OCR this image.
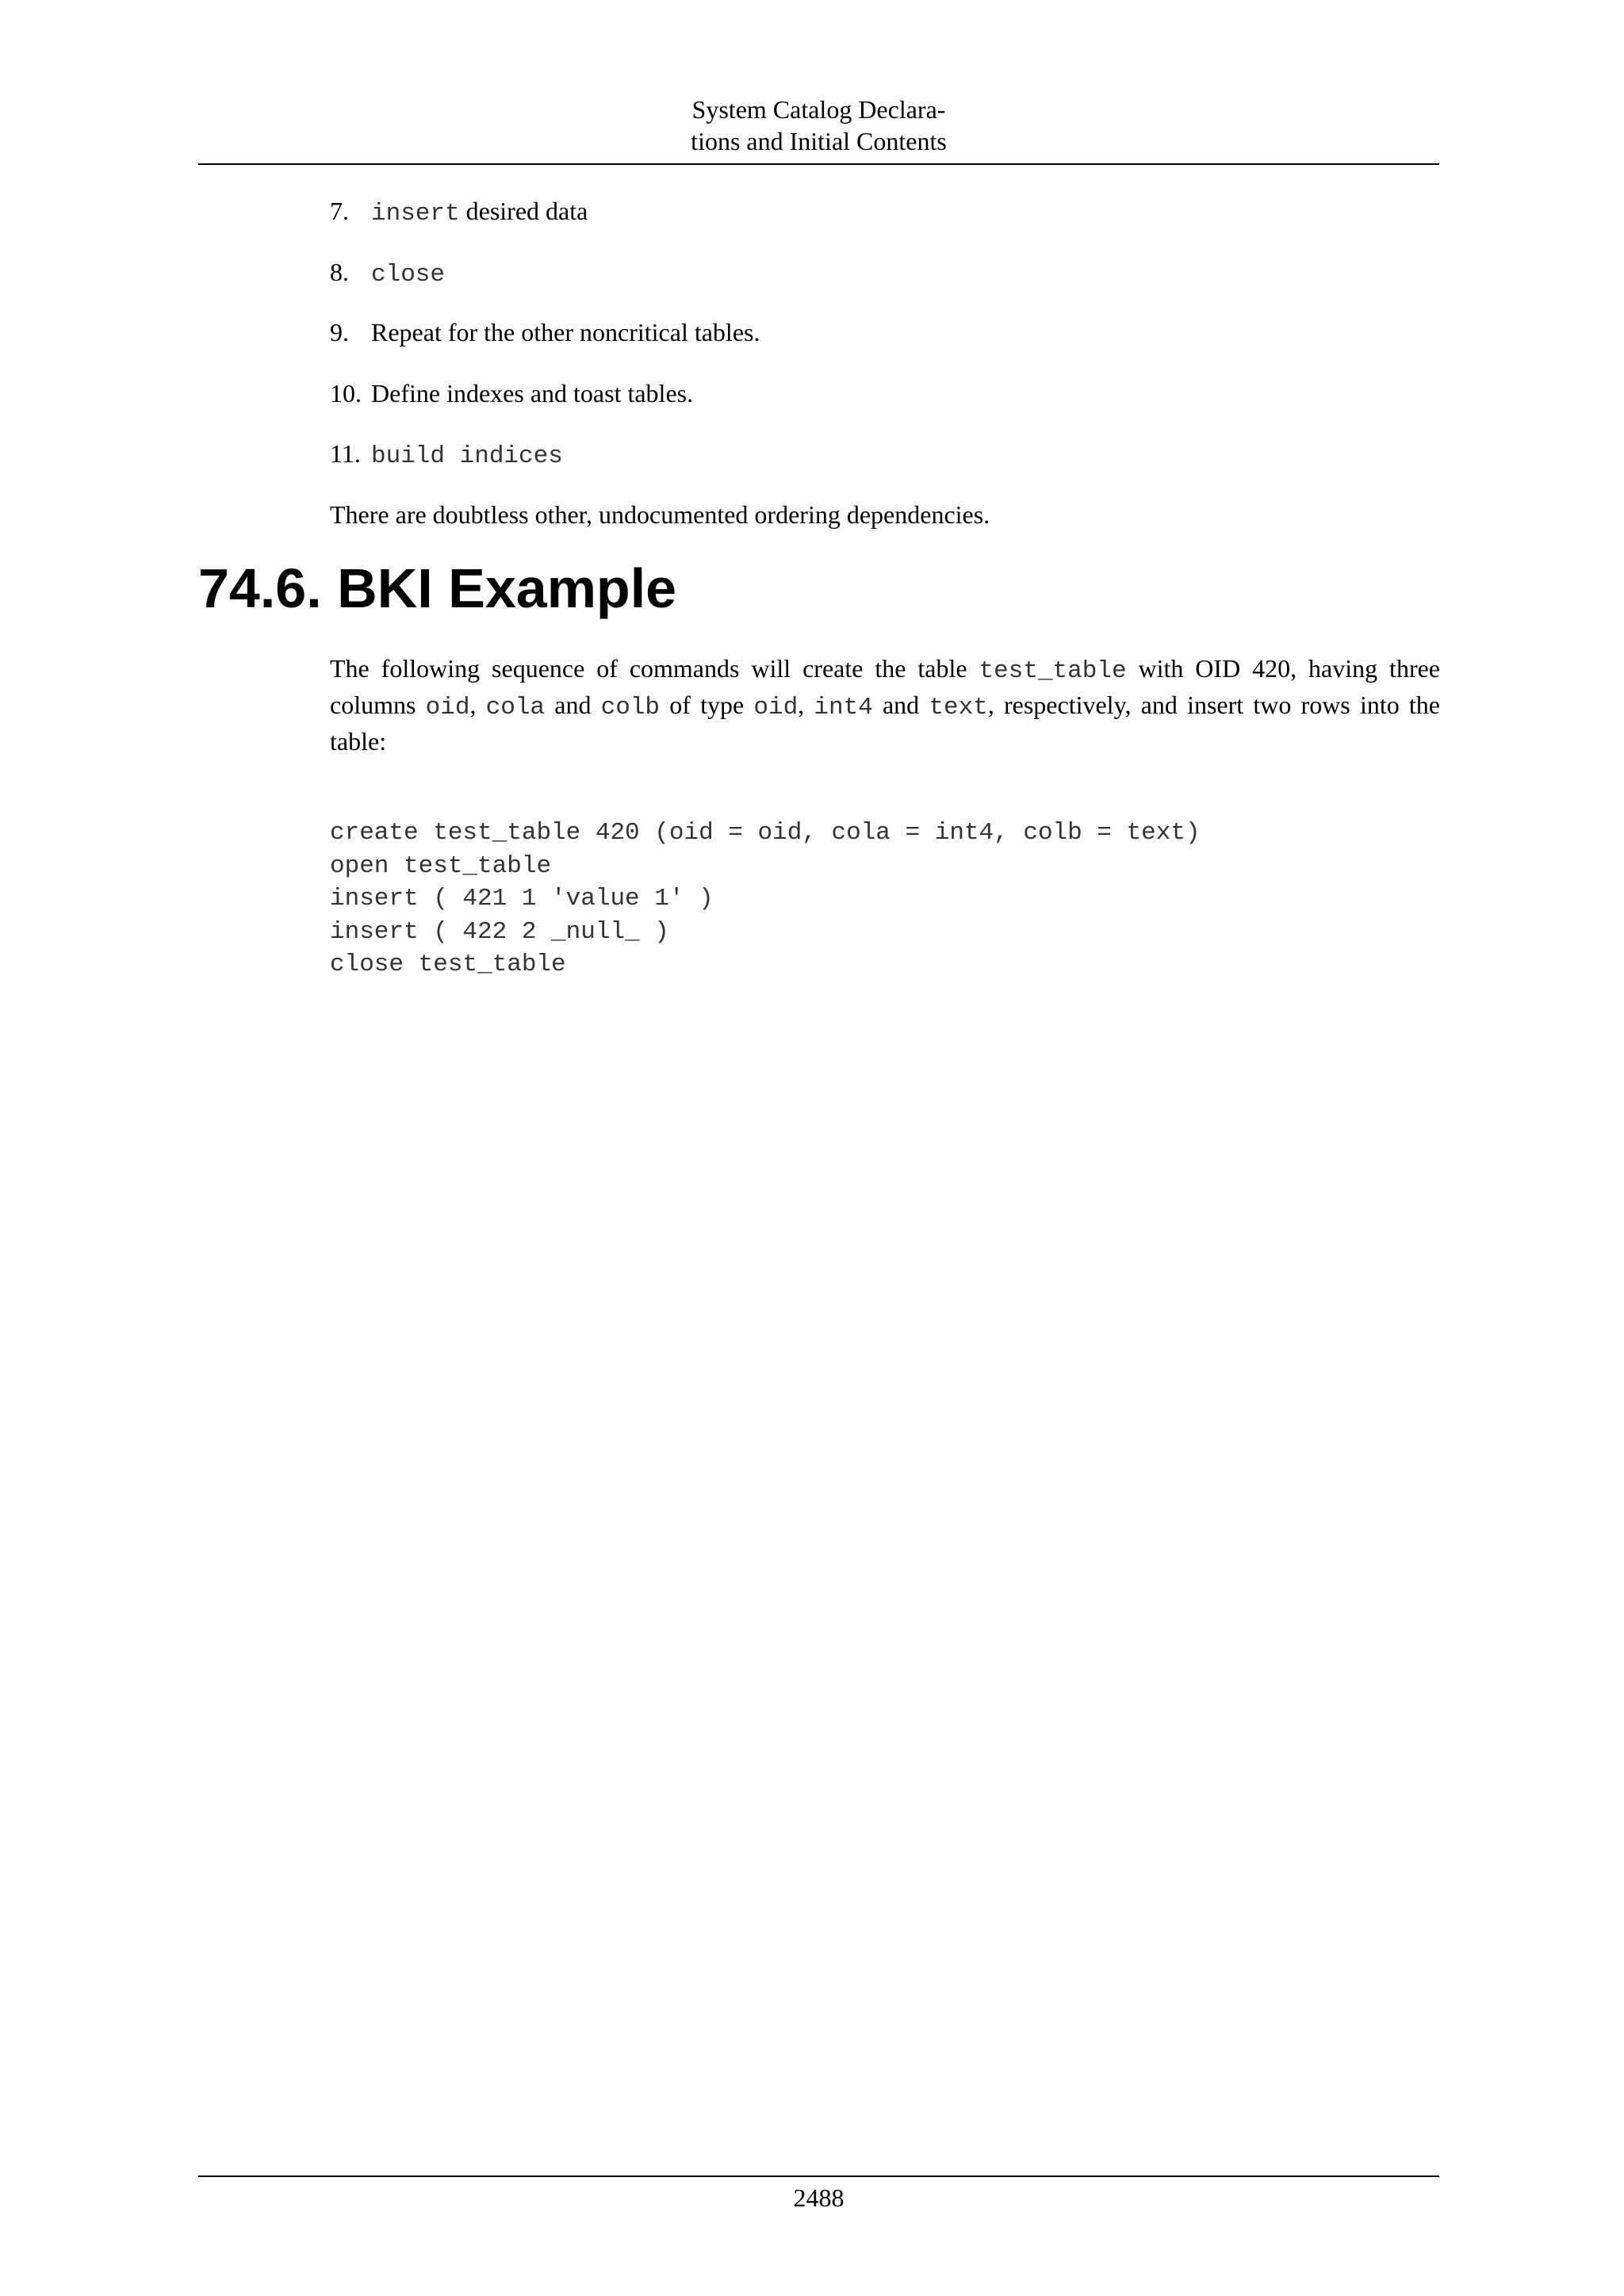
System Catalog Declara-
tions and Initial Contents
7. insert desired data
8. close
9. Repeat for the other noncritical tables.
10. Define indexes and toast tables.
11. build indices

There are doubtless other, undocumented ordering dependencies.

74.6. BKI Example

The following sequence of commands will create the table test_table with OID 420, having three columns oid, cola and colb of type oid, int4 and text, respectively, and insert two rows into the table:

create test_table 420 (oid = oid, cola = int4, colb = text)
open test_table
insert ( 421 1 'value 1' )
insert ( 422 2 _null_ )
close test_table
2488
